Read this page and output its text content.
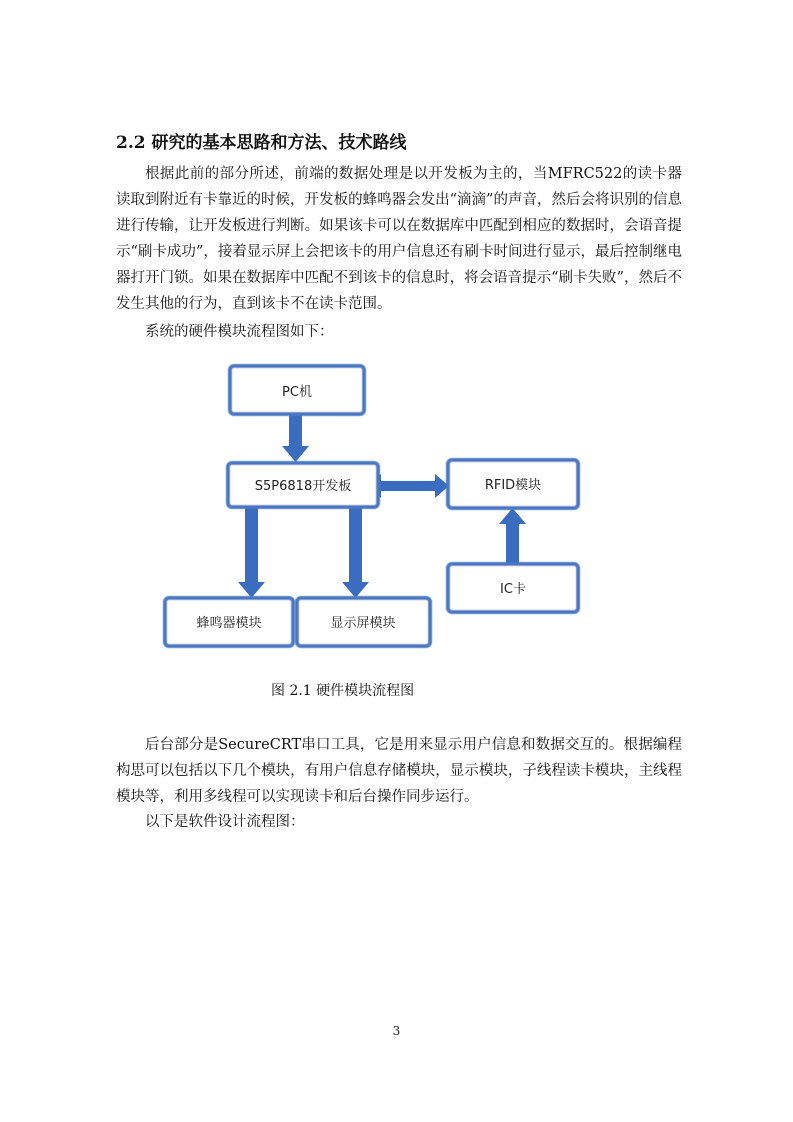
2.2 研究的基本思路和方法、技术路线
根据此前的部分所述，前端的数据处理是以开发板为主的，当MFRC522的读卡器读取到附近有卡靠近的时候，开发板的蜂鸣器会发出“滴滴”的声音，然后会将识别的信息进行传输，让开发板进行判断。如果该卡可以在数据库中匹配到相应的数据时，会语音提示“刷卡成功”，接着显示屏上会把该卡的用户信息还有刷卡时间进行显示，最后控制继电器打开门锁。如果在数据库中匹配不到该卡的信息时，将会语音提示“刷卡失败”，然后不发生其他的行为，直到该卡不在读卡范围。
系统的硬件模块流程图如下：
PC机
S5P6818开发板	RFID模块
IC卡
蜂鸣器模块	显示屏模块
图 2.1 硬件模块流程图
后台部分是SecureCRT串口工具，它是用来显示用户信息和数据交互的。根据编程构思可以包括以下几个模块，有用户信息存储模块，显示模块，子线程读卡模块，主线程模块等，利用多线程可以实现读卡和后台操作同步运行。
以下是软件设计流程图：
3
